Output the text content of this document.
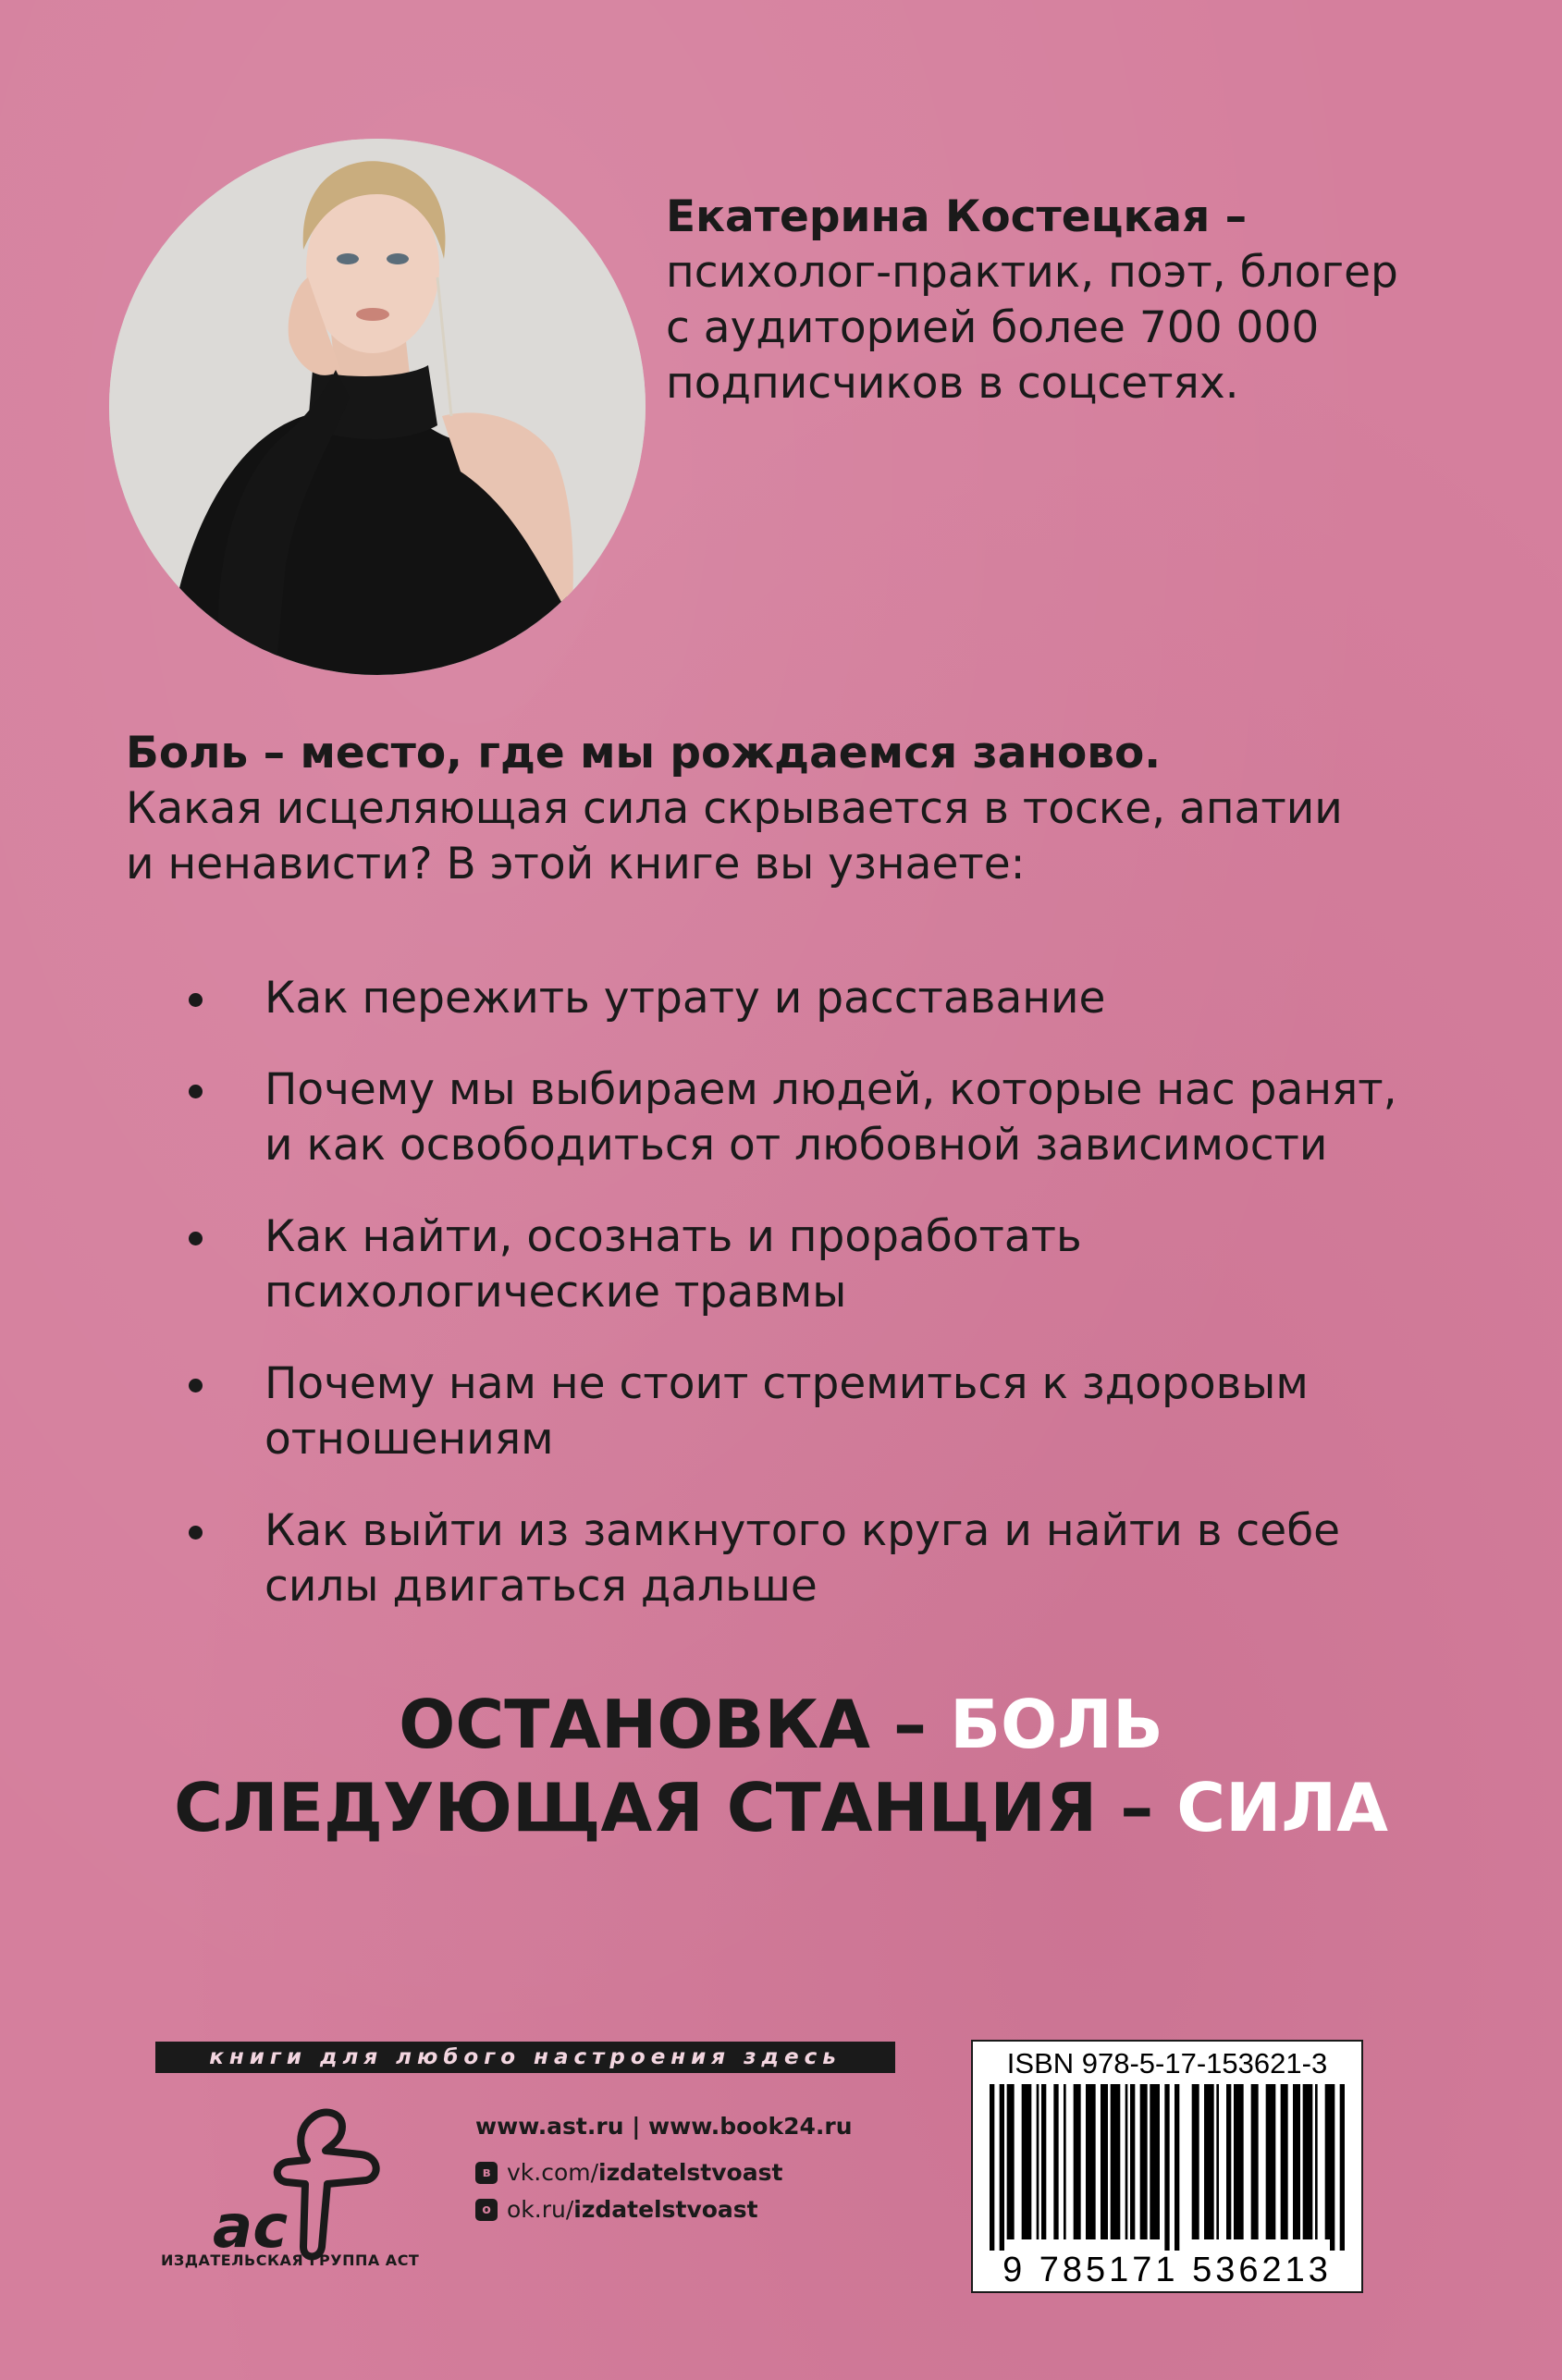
Екатерина Костецкая –
психолог-практик, поэт, блогер
с аудиторией более 700 000
подписчиков в соцсетях.
Боль – место, где мы рождаемся заново.
Какая исцеляющая сила скрывается в тоске, апатии
и ненависти? В этой книге вы узнаете:
Как пережить утрату и расставание
Почему мы выбираем людей, которые нас ранят,
и как освободиться от любовной зависимости
Как найти, осознать и проработать
психологические травмы
Почему нам не стоит стремиться к здоровым
отношениям
Как выйти из замкнутого круга и найти в себе
силы двигаться дальше
ОСТАНОВКА – БОЛЬ
СЛЕДУЮЩАЯ СТАНЦИЯ – СИЛА
книги для любого настроения здесь
ас
ИЗДАТЕЛЬСКАЯ ГРУППА АСТ
www.ast.ru | www.book24.ru
в vk.com/ izdatelstvoast
о ok.ru/ izdatelstvoast
ISBN 978-5-17-153621-3
9 785171 536213
